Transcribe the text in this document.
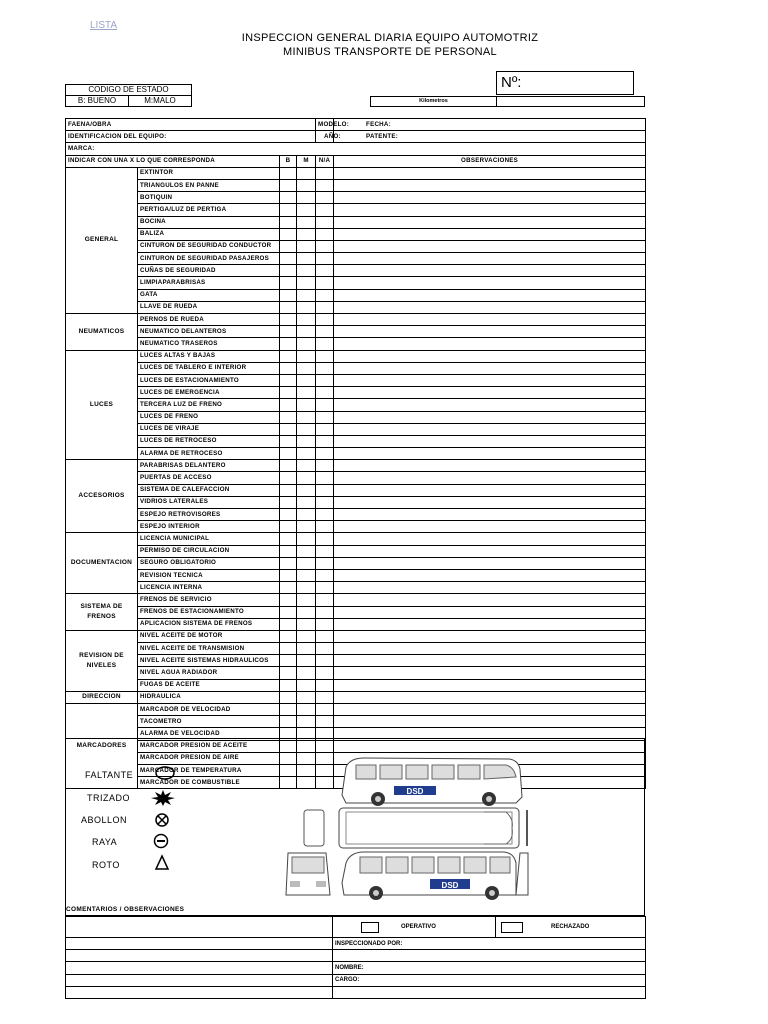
LISTA
INSPECCION GENERAL DIARIA EQUIPO AUTOMOTRIZ
MINIBUS TRANSPORTE DE PERSONAL
Nº:
CODIGO DE ESTADO
B: BUENO	M:MALO	Kilometros
FAENA/OBRA				MODELO:	FECHA:
IDENTIFICACION DEL EQUIPO:				AÑO:	PATENTE:
MARCA:					
INDICAR CON UNA X LO QUE CORRESPONDA		B	M	N/A	OBSERVACIONES
GENERAL	EXTINTOR				
	TRIANGULOS EN PANNE				
	BOTIQUIN				
	PERTIGA/LUZ DE PERTIGA				
	BOCINA				
	BALIZA				
	CINTURON DE SEGURIDAD CONDUCTOR				
	CINTURON DE SEGURIDAD PASAJEROS				
	CUÑAS DE SEGURIDAD				
	LIMPIAPARABRISAS				
	GATA				
	LLAVE DE RUEDA				
NEUMATICOS	PERNOS DE RUEDA				
	NEUMATICO DELANTEROS				
	NEUMATICO TRASEROS				
LUCES	LUCES ALTAS Y BAJAS				
	LUCES DE TABLERO E INTERIOR				
	LUCES DE ESTACIONAMIENTO				
	LUCES DE EMERGENCIA				
	TERCERA LUZ DE FRENO				
	LUCES DE FRENO				
	LUCES DE VIRAJE				
	LUCES DE RETROCESO				
	ALARMA DE RETROCESO				
ACCESORIOS	PARABRISAS DELANTERO				
	PUERTAS DE ACCESO				
	SISTEMA DE CALEFACCION				
	VIDRIOS LATERALES				
	ESPEJO RETROVISORES				
	ESPEJO INTERIOR				
DOCUMENTACION	LICENCIA MUNICIPAL				
	PERMISO DE CIRCULACION				
	SEGURO OBLIGATORIO				
	REVISION TECNICA				
	LICENCIA INTERNA				
SISTEMA DE FRENOS	FRENOS DE SERVICIO				
	FRENOS DE ESTACIONAMIENTO				
	APLICACION SISTEMA DE FRENOS				
REVISION DE NIVELES	NIVEL ACEITE DE MOTOR				
	NIVEL ACEITE DE TRANSMISION				
	NIVEL ACEITE SISTEMAS HIDRAULICOS				
	NIVEL AGUA RADIADOR				
	FUGAS DE ACEITE				
DIRECCION	HIDRAULICA				
MARCADORES	MARCADOR DE VELOCIDAD				
	TACOMETRO				
	ALARMA DE VELOCIDAD				
	MARCADOR PRESION DE ACEITE				
	MARCADOR PRESION DE AIRE				
	MARCADOR DE TEMPERATURA				
	MARCADOR DE COMBUSTIBLE				
FALTANTE
TRIZADO
ABOLLON
RAYA
ROTO
DSD
DSD
COMENTARIOS / OBSERVACIONES

	OPERATIVO	RECHAZADO

	INSPECCIONADO POR:	

	NOMBRE:	
	CARGO:	
